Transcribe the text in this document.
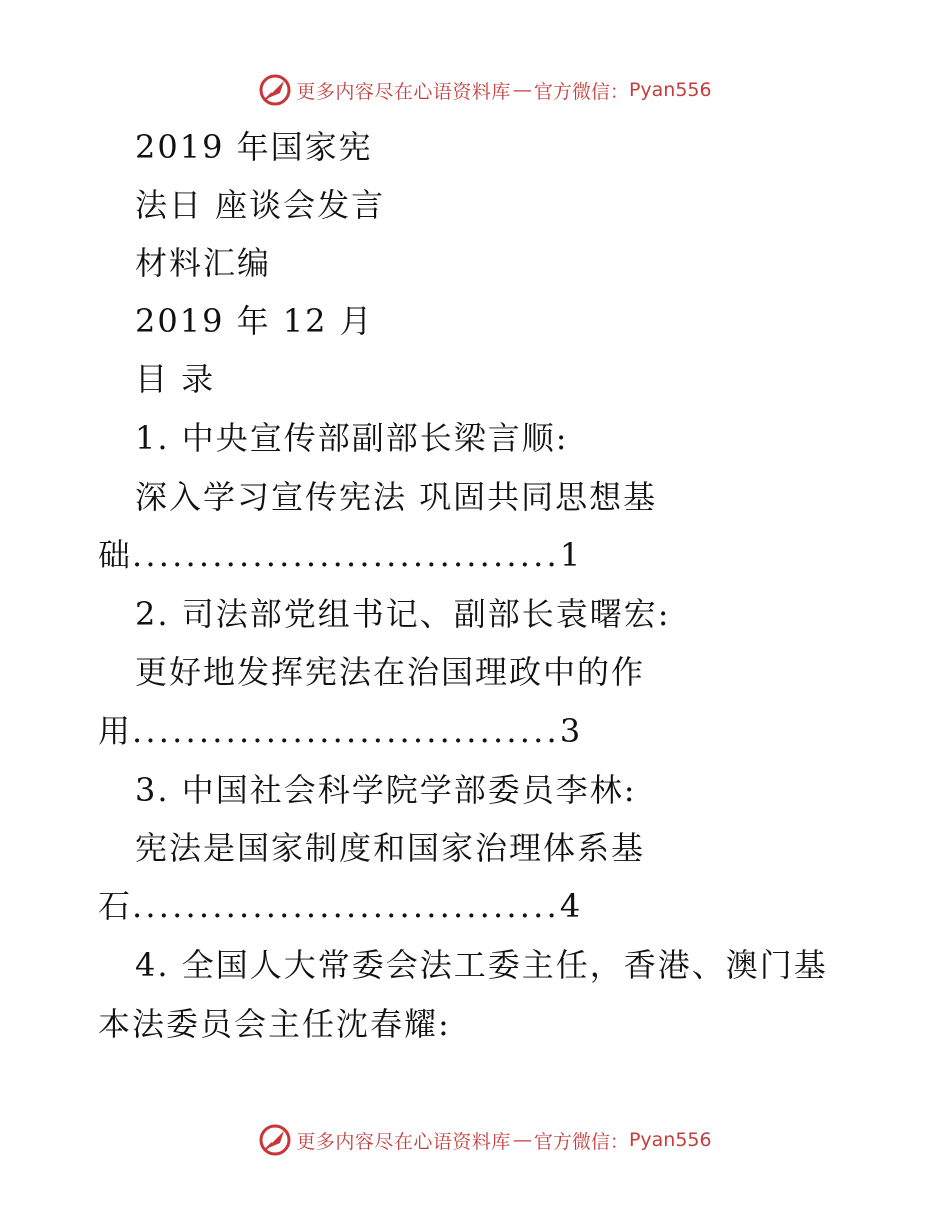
更多内容尽在心语资料库 — 官方微信： Pyan556
2019 年国家宪
法日 座谈会发言
材料汇编
2019 年 12 月
目 录
1. 中央宣传部副部长梁言顺:
深入学习宣传宪法 巩固共同思想基
础................................1
2. 司法部党组书记、副部长袁曙宏:
更好地发挥宪法在治国理政中的作
用................................3
3. 中国社会科学院学部委员李林:
宪法是国家制度和国家治理体系基
石................................4
4. 全国人大常委会法工委主任，香港、澳门基
本法委员会主任沈春耀:
更多内容尽在心语资料库 — 官方微信： Pyan556
